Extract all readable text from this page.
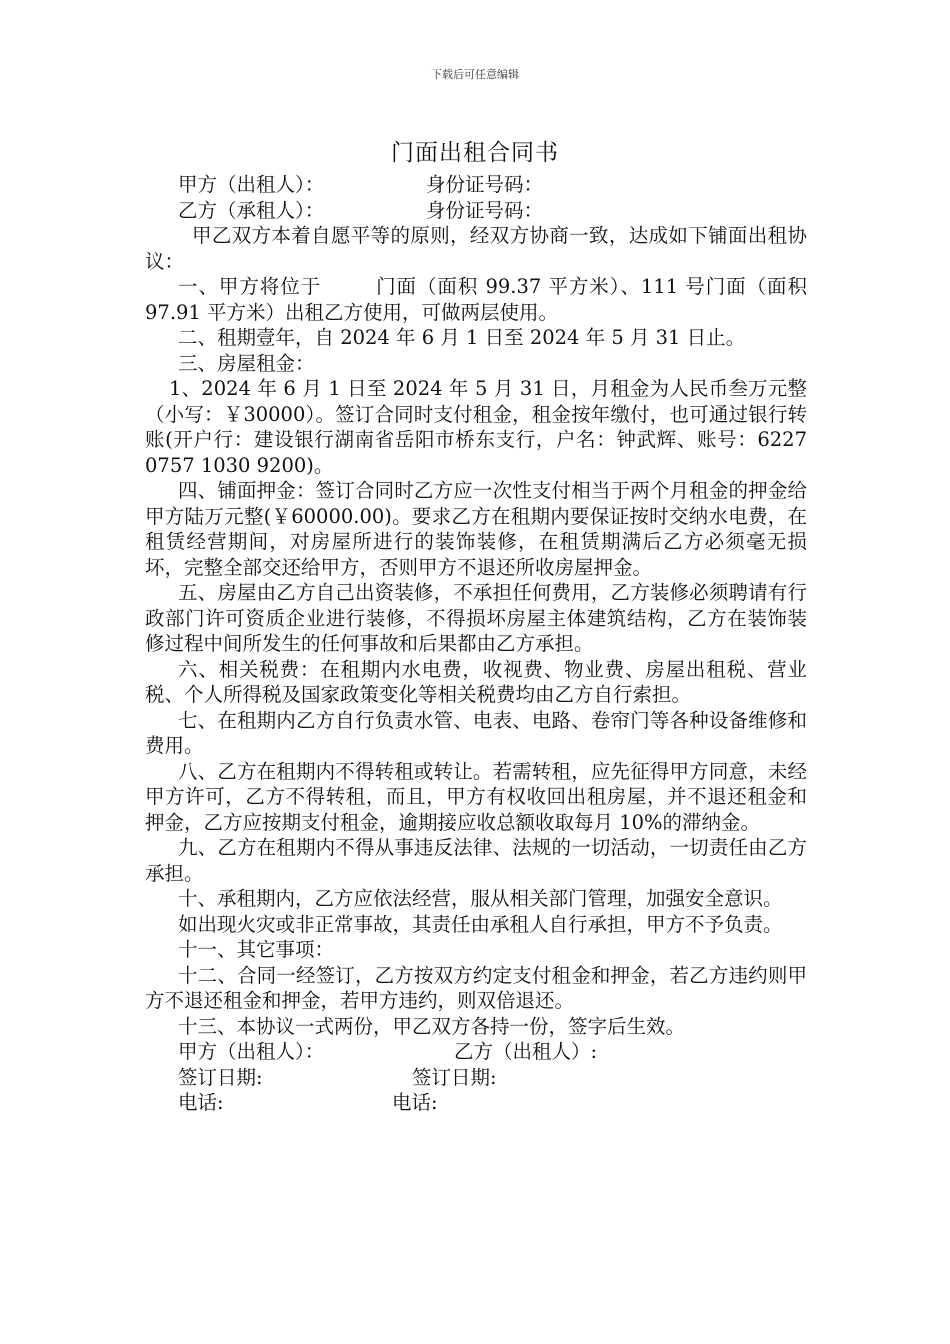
下载后可任意编辑
门面出租合同书
甲方（出租人）：	身份证号码：
乙方（承租人）：	身份证号码：

甲乙双方本着自愿平等的原则，经双方协商一致，达成如下铺面出租协议：

一、甲方将位于	门面（面积 99.37 平方米）、111 号门面（面积 97.91 平方米）出租乙方使用，可做两层使用。

二、租期壹年，自 2024 年 6 月 1 日至 2024 年 5 月 31 日止。

三、房屋租金：

1、2024 年 6 月 1 日至 2024 年 5 月 31 日，月租金为人民币叁万元整（小写：￥30000）。签订合同时支付租金，租金按年缴付，也可通过银行转账(开户行：建设银行湖南省岳阳市桥东支行，户名：钟武辉、账号：6227 0757 1030 9200)。

四、铺面押金：签订合同时乙方应一次性支付相当于两个月租金的押金给甲方陆万元整(￥60000.00)。要求乙方在租期内要保证按时交纳水电费，在租赁经营期间，对房屋所进行的装饰装修，在租赁期满后乙方必须毫无损坏，完整全部交还给甲方，否则甲方不退还所收房屋押金。

五、房屋由乙方自己出资装修，不承担任何费用，乙方装修必须聘请有行政部门许可资质企业进行装修，不得损坏房屋主体建筑结构，乙方在装饰装修过程中间所发生的任何事故和后果都由乙方承担。

六、相关税费：在租期内水电费，收视费、物业费、房屋出租税、营业税、个人所得税及国家政策变化等相关税费均由乙方自行索担。

七、在租期内乙方自行负责水管、电表、电路、卷帘门等各种设备维修和费用。

八、乙方在租期内不得转租或转让。若需转租，应先征得甲方同意，未经甲方许可，乙方不得转租，而且，甲方有权收回出租房屋，并不退还租金和押金，乙方应按期支付租金，逾期接应收总额收取每月 10%的滞纳金。

九、乙方在租期内不得从事违反法律、法规的一切活动，一切责任由乙方承担。

十、承租期内，乙方应依法经营，服从相关部门管理，加强安全意识。

如出现火灾或非正常事故，其责任由承租人自行承担，甲方不予负责。

十一、其它事项：

十二、合同一经签订，乙方按双方约定支付租金和押金，若乙方违约则甲方不退还租金和押金，若甲方违约，则双倍退还。

十三、本协议一式两份，甲乙双方各持一份，签字后生效。

甲方（出租人）：	乙方（出租人）:
签订日期:	签订日期:
电话:	电话:
